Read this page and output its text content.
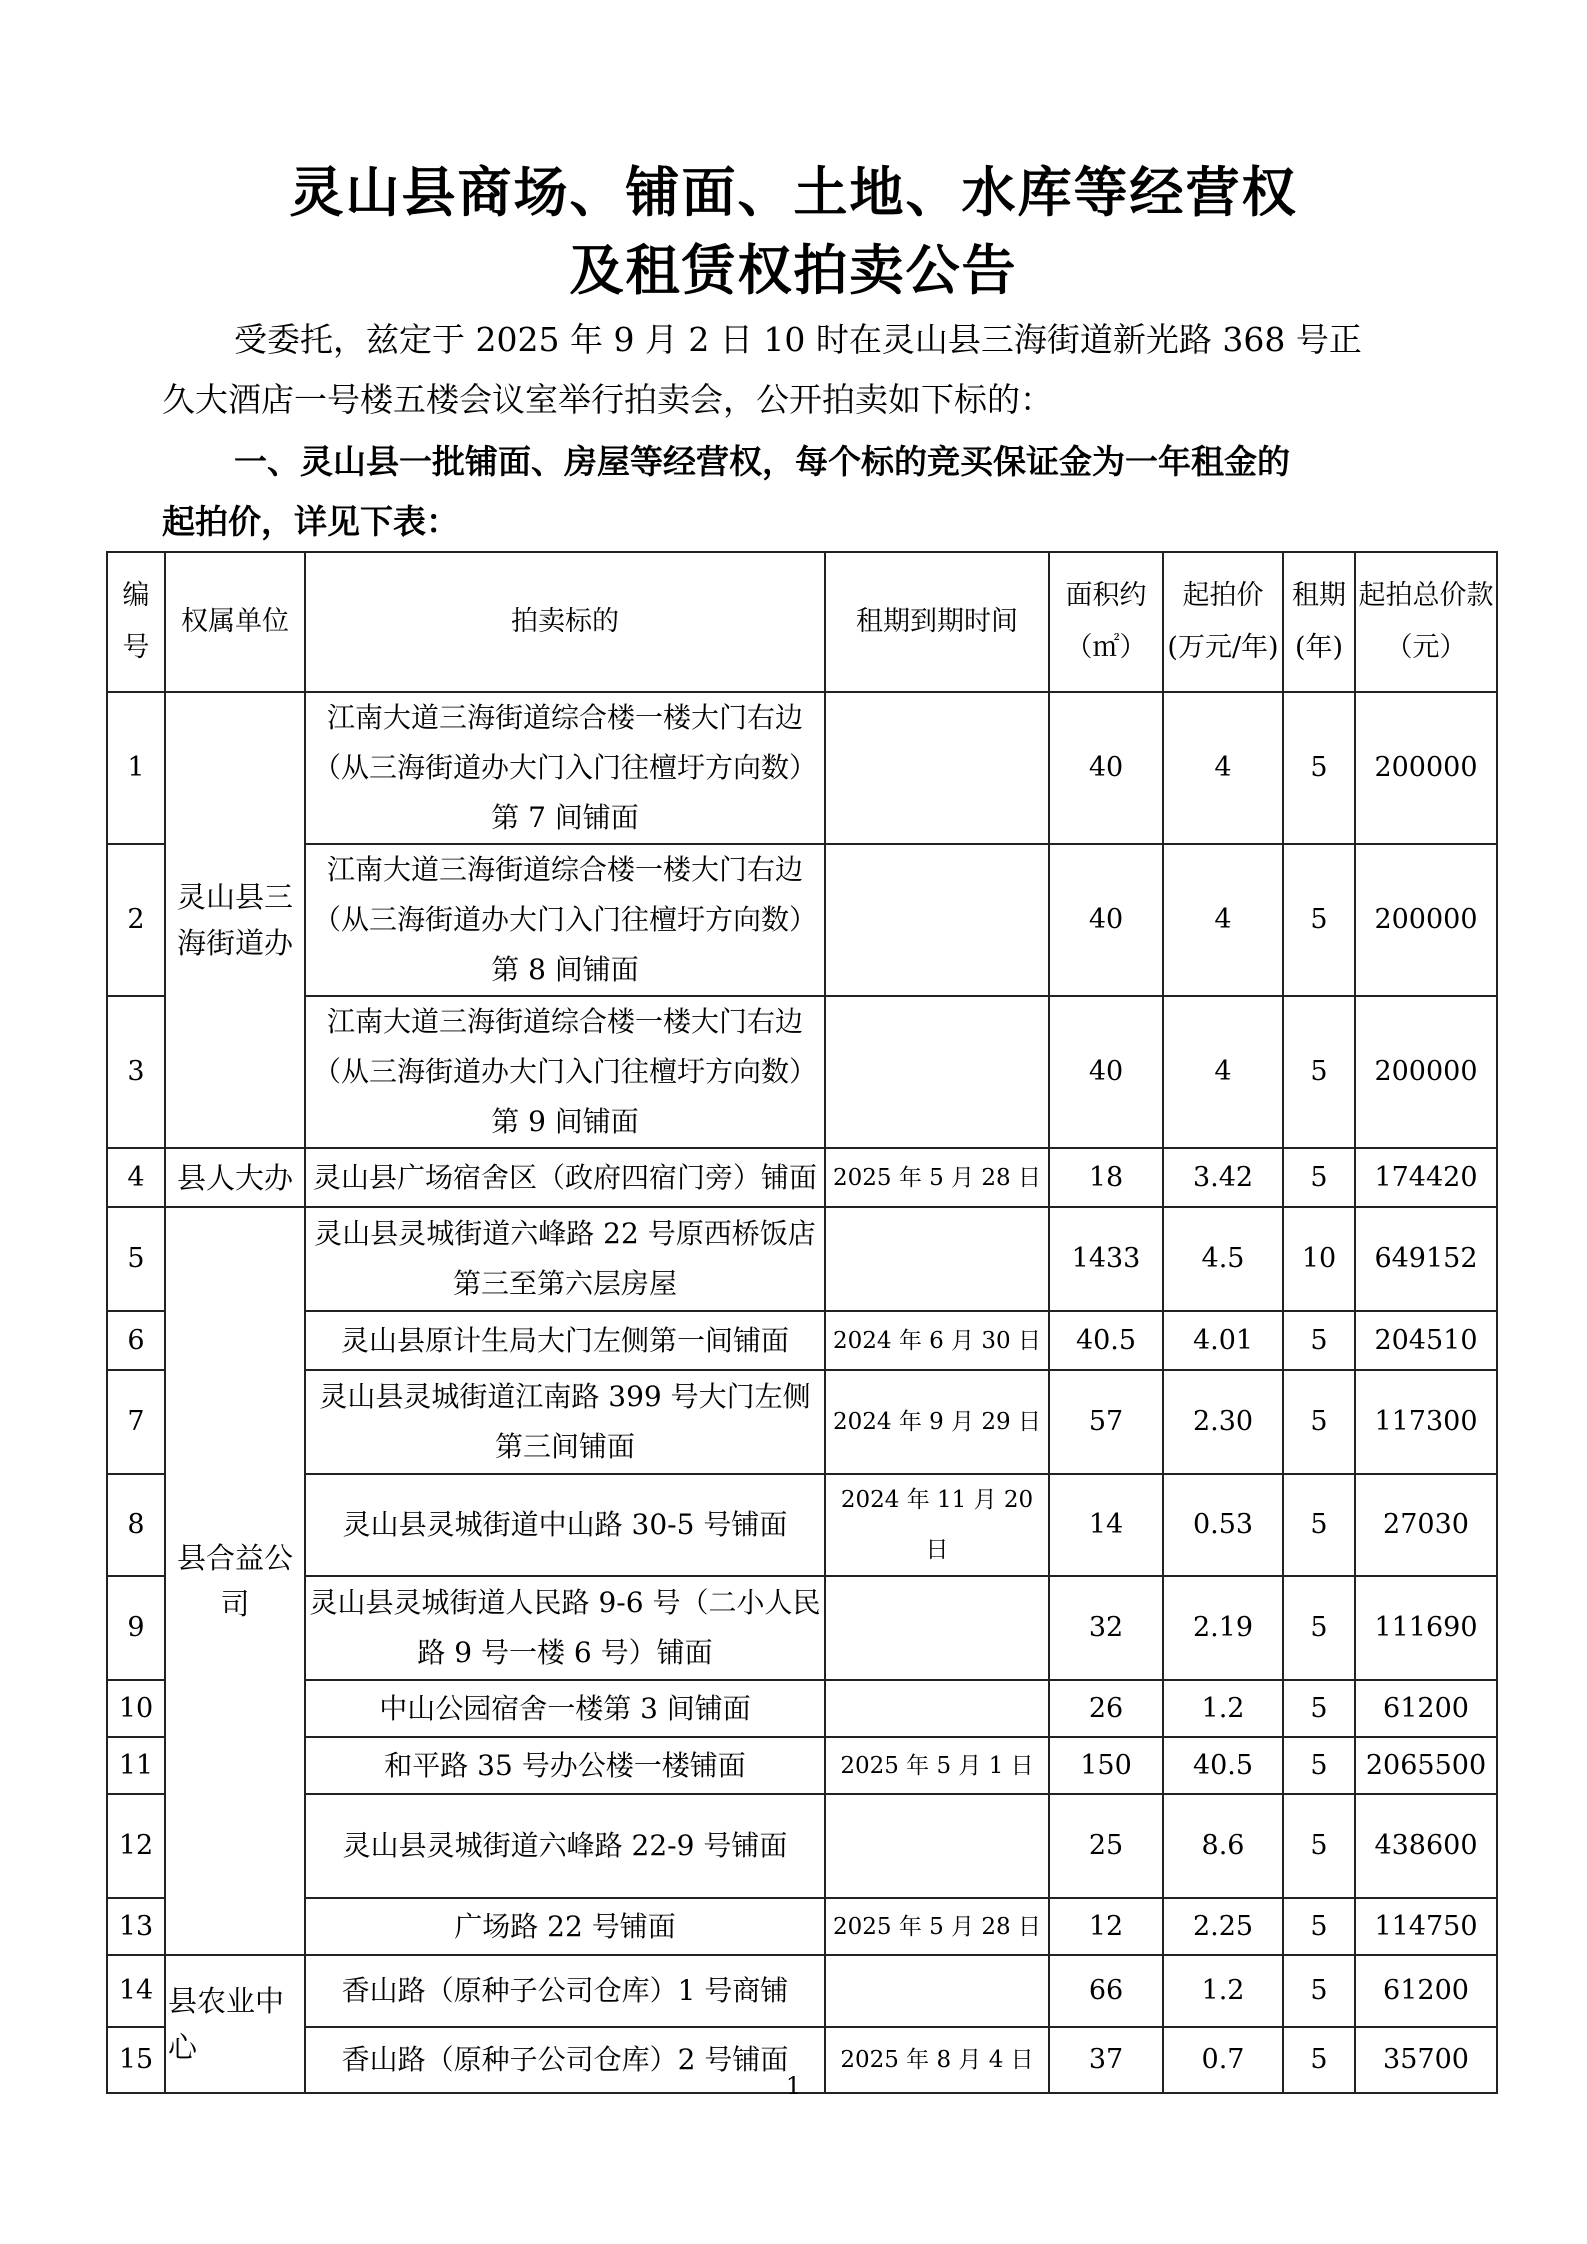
灵山县商场、铺面、土地、水库等经营权
及租赁权拍卖公告

受委托，兹定于 2025 年 9 月 2 日 10 时在灵山县三海街道新光路 368 号正
久大酒店一号楼五楼会议室举行拍卖会，公开拍卖如下标的：

一、灵山县一批铺面、房屋等经营权，每个标的竞买保证金为一年租金的
起拍价，详见下表：

编号	权属单位	拍卖标的	租期到期时间	面积约（㎡）	起拍价(万元/年)	租期(年)	起拍总价款（元）
1	灵山县三海街道办	江南大道三海街道综合楼一楼大门右边（从三海街道办大门入门往檀圩方向数）第 7 间铺面		40	4	5	200000
2		江南大道三海街道综合楼一楼大门右边（从三海街道办大门入门往檀圩方向数）第 8 间铺面		40	4	5	200000
3		江南大道三海街道综合楼一楼大门右边（从三海街道办大门入门往檀圩方向数）第 9 间铺面		40	4	5	200000
4	县人大办	灵山县广场宿舍区（政府四宿门旁）铺面	2025 年 5 月 28 日	18	3.42	5	174420
5	县合益公司	灵山县灵城街道六峰路 22 号原西桥饭店第三至第六层房屋		1433	4.5	10	649152
6		灵山县原计生局大门左侧第一间铺面	2024 年 6 月 30 日	40.5	4.01	5	204510
7		灵山县灵城街道江南路 399 号大门左侧第三间铺面	2024 年 9 月 29 日	57	2.30	5	117300
8		灵山县灵城街道中山路 30-5 号铺面	2024 年 11 月 20 日	14	0.53	5	27030
9		灵山县灵城街道人民路 9-6 号（二小人民路 9 号一楼 6 号）铺面		32	2.19	5	111690
10		中山公园宿舍一楼第 3 间铺面		26	1.2	5	61200
11		和平路 35 号办公楼一楼铺面	2025 年 5 月 1 日	150	40.5	5	2065500
12		灵山县灵城街道六峰路 22-9 号铺面		25	8.6	5	438600
13		广场路 22 号铺面	2025 年 5 月 28 日	12	2.25	5	114750
14	县农业中心	香山路（原种子公司仓库）1 号商铺		66	1.2	5	61200
15		香山路（原种子公司仓库）2 号铺面	2025 年 8 月 4 日	37	0.7	5	35700
1
